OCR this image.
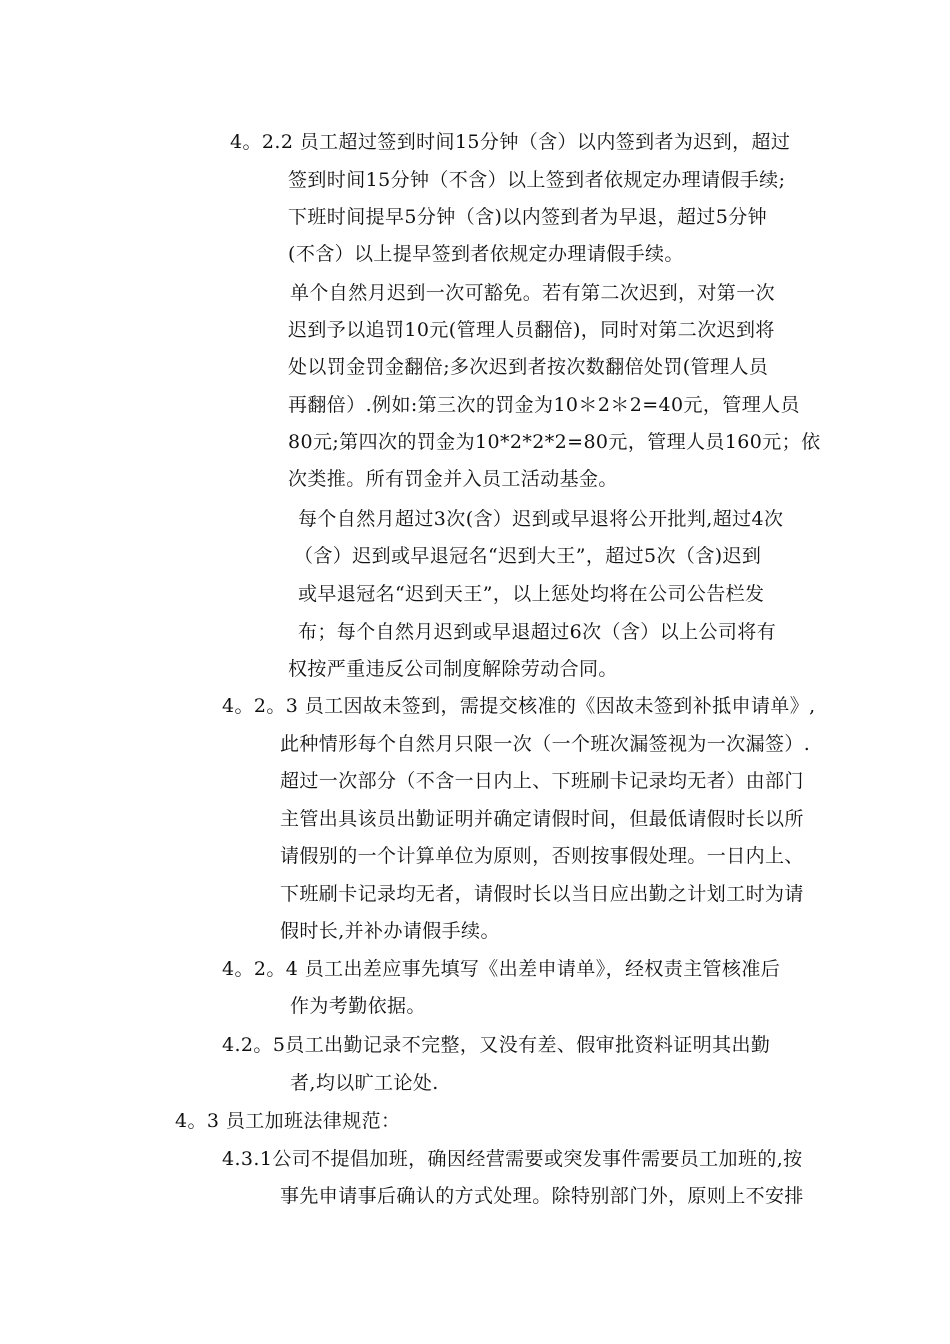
4。2.2 员工超过签到时间15分钟（含）以内签到者为迟到，超过
签到时间15分钟（不含）以上签到者依规定办理请假手续;
下班时间提早5分钟（含)以内签到者为早退，超过5分钟
(不含）以上提早签到者依规定办理请假手续。
单个自然月迟到一次可豁免。若有第二次迟到，对第一次
迟到予以追罚10元(管理人员翻倍)，同时对第二次迟到将
处以罚金罚金翻倍;多次迟到者按次数翻倍处罚(管理人员
再翻倍）.例如:第三次的罚金为10＊2＊2=40元，管理人员
80元;第四次的罚金为10*2*2*2=80元，管理人员160元；依
次类推。所有罚金并入员工活动基金。
每个自然月超过3次(含）迟到或早退将公开批判,超过4次
（含）迟到或早退冠名“迟到大王”，超过5次（含)迟到
或早退冠名“迟到天王”，以上惩处均将在公司公告栏发
布；每个自然月迟到或早退超过6次（含）以上公司将有
权按严重违反公司制度解除劳动合同。
4。2。3 员工因故未签到，需提交核准的《因故未签到补抵申请单》,
此种情形每个自然月只限一次（一个班次漏签视为一次漏签）.
超过一次部分（不含一日内上、下班刷卡记录均无者）由部门
主管出具该员出勤证明并确定请假时间，但最低请假时长以所
请假别的一个计算单位为原则，否则按事假处理。一日内上、
下班刷卡记录均无者，请假时长以当日应出勤之计划工时为请
假时长,并补办请假手续。
4。2。4 员工出差应事先填写《出差申请单》，经权责主管核准后
作为考勤依据。
4.2。5员工出勤记录不完整，又没有差、假审批资料证明其出勤
者,均以旷工论处.
4。3 员工加班法律规范：
4.3.1公司不提倡加班，确因经营需要或突发事件需要员工加班的,按
事先申请事后确认的方式处理。除特别部门外，原则上不安排
